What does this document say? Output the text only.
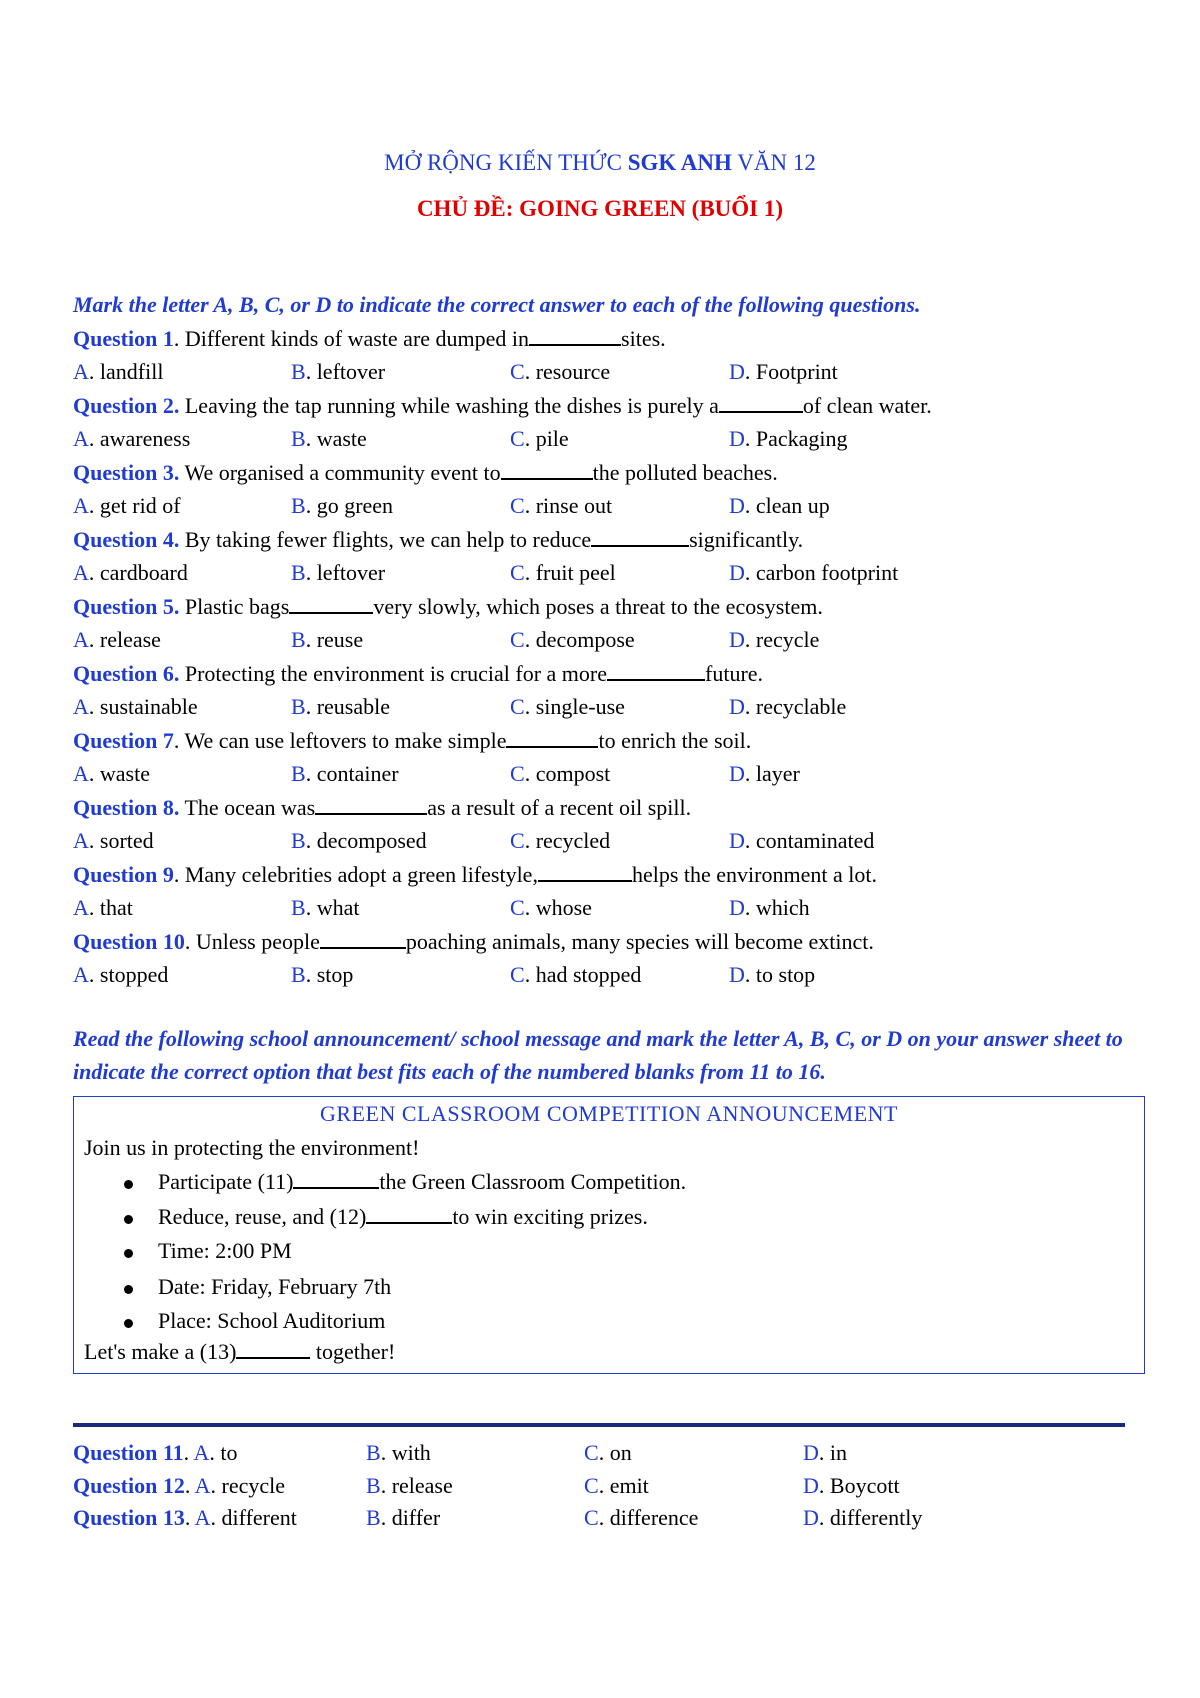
MỞ RỘNG KIẾN THỨC SGK ANH VĂN 12
CHỦ ĐỀ: GOING GREEN (BUỔI 1)
Mark the letter A, B, C, or D to indicate the correct answer to each of the following questions.
Question 1. Different kinds of waste are dumped in	sites.
A. landfill	B. leftover	C. resource	D. Footprint
Question 2. Leaving the tap running while washing the dishes is purely a	of clean water.
A. awareness	B. waste	C. pile	D. Packaging
Question 3. We organised a community event to	the polluted beaches.
A. get rid of	B. go green	C. rinse out	D. clean up
Question 4. By taking fewer flights, we can help to reduce	significantly.
A. cardboard	B. leftover	C. fruit peel	D. carbon footprint
Question 5. Plastic bags	very slowly, which poses a threat to the ecosystem.
A. release	B. reuse	C. decompose	D. recycle
Question 6. Protecting the environment is crucial for a more	future.
A. sustainable	B. reusable	C. single-use	D. recyclable
Question 7. We can use leftovers to make simple	to enrich the soil.
A. waste	B. container	C. compost	D. layer
Question 8. The ocean was	as a result of a recent oil spill.
A. sorted	B. decomposed	C. recycled	D. contaminated
Question 9. Many celebrities adopt a green lifestyle,	helps the environment a lot.
A. that	B. what	C. whose	D. which
Question 10. Unless people	poaching animals, many species will become extinct.
A. stopped	B. stop	C. had stopped	D. to stop
Read the following school announcement/ school message and mark the letter A, B, C, or D on your answer sheet to indicate the correct option that best fits each of the numbered blanks from 11 to 16.
GREEN CLASSROOM COMPETITION ANNOUNCEMENT
Join us in protecting the environment!
Participate (11)	the Green Classroom Competition.
Reduce, reuse, and (12)	to win exciting prizes.
Time: 2:00 PM
Date: Friday, February 7th
Place: School Auditorium
Let's make a (13)	together!
Question 11. A. to	B. with	C. on	D. in
Question 12. A. recycle	B. release	C. emit	D. Boycott
Question 13. A. different	B. differ	C. difference	D. differently
